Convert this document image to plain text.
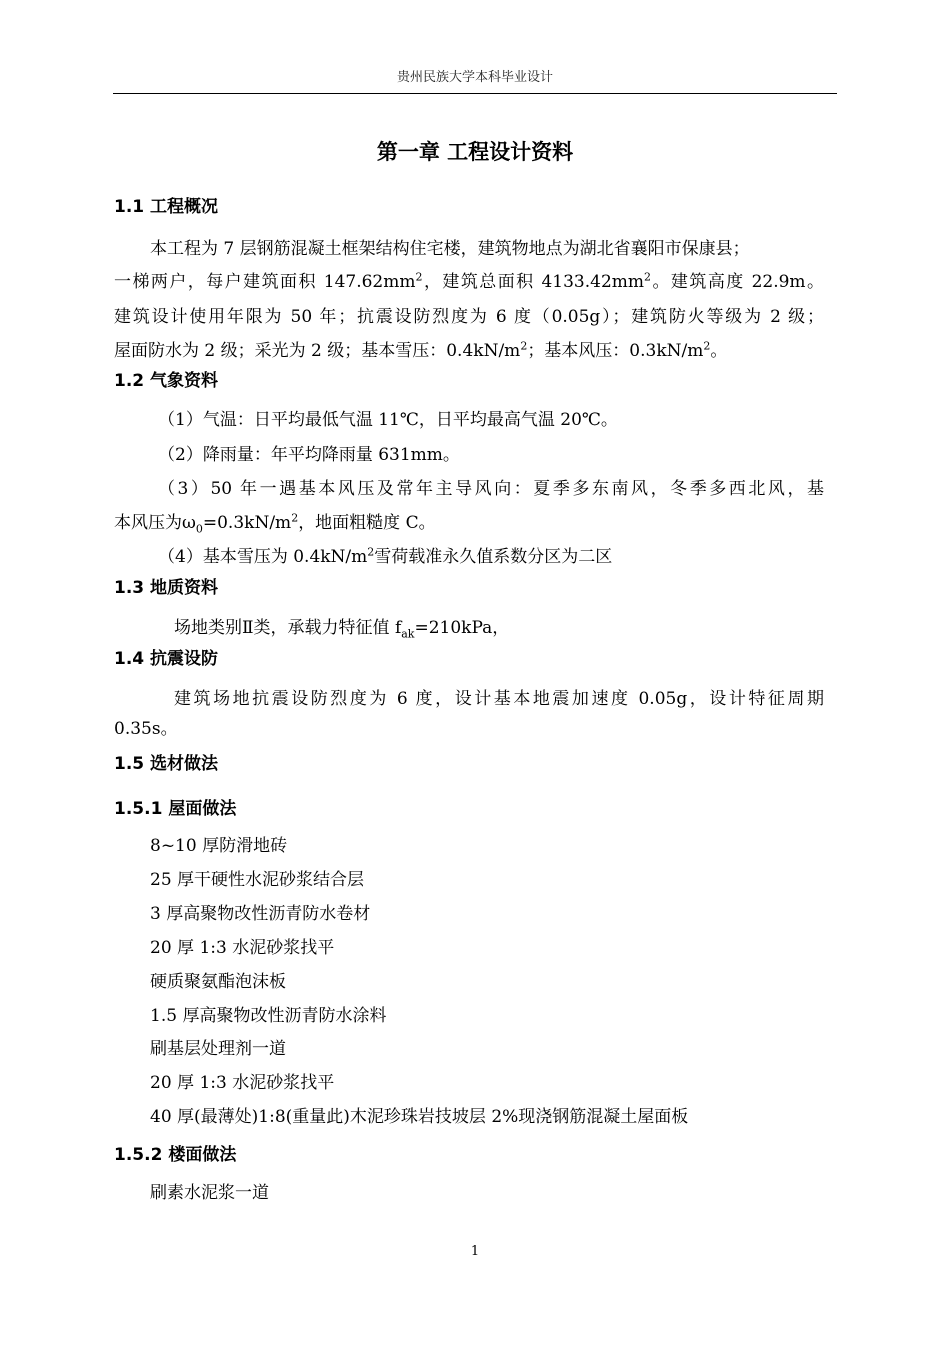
贵州民族大学本科毕业设计
第一章 工程设计资料
1.1 工程概况
本工程为 7 层钢筋混凝土框架结构住宅楼，建筑物地点为湖北省襄阳市保康县；
一梯两户，每户建筑面积 $147.62mm^2$，建筑总面积 $4133.42mm^2$。建筑高度 22.9m。
建筑设计使用年限为 50 年；抗震设防烈度为 6 度（0.05g）；建筑防火等级为 2 级；
屋面防水为 2 级；采光为 2 级；基本雪压：$0.4kN/m^2$；基本风压：$0.3kN/m^2$。
1.2 气象资料
（1）气温：日平均最低气温 11℃，日平均最高气温 20℃。
（2）降雨量：年平均降雨量 631mm。
（3）50 年一遇基本风压及常年主导风向：夏季多东南风，冬季多西北风，基
本风压为$\omega_0=0.3kN/m^2$，地面粗糙度 C。
（4）基本雪压为 $0.4kN/m^2$雪荷载准永久值系数分区为二区
1.3 地质资料
场地类别Ⅱ类，承载力特征值 $f_{ak}=210kPa$，
1.4 抗震设防
建筑场地抗震设防烈度为 6 度，设计基本地震加速度 0.05g，设计特征周期
0.35s。
1.5 选材做法
1.5.1 屋面做法
8~10 厚防滑地砖
25 厚干硬性水泥砂浆结合层
3 厚高聚物改性沥青防水卷材
20 厚 1:3 水泥砂浆找平
硬质聚氨酯泡沫板
1.5 厚高聚物改性沥青防水涂料
刷基层处理剂一道
20 厚 1:3 水泥砂浆找平
40 厚(最薄处)1:8(重量此)木泥珍珠岩技坡层 2%现浇钢筋混凝土屋面板
1.5.2 楼面做法
刷素水泥浆一道
1
